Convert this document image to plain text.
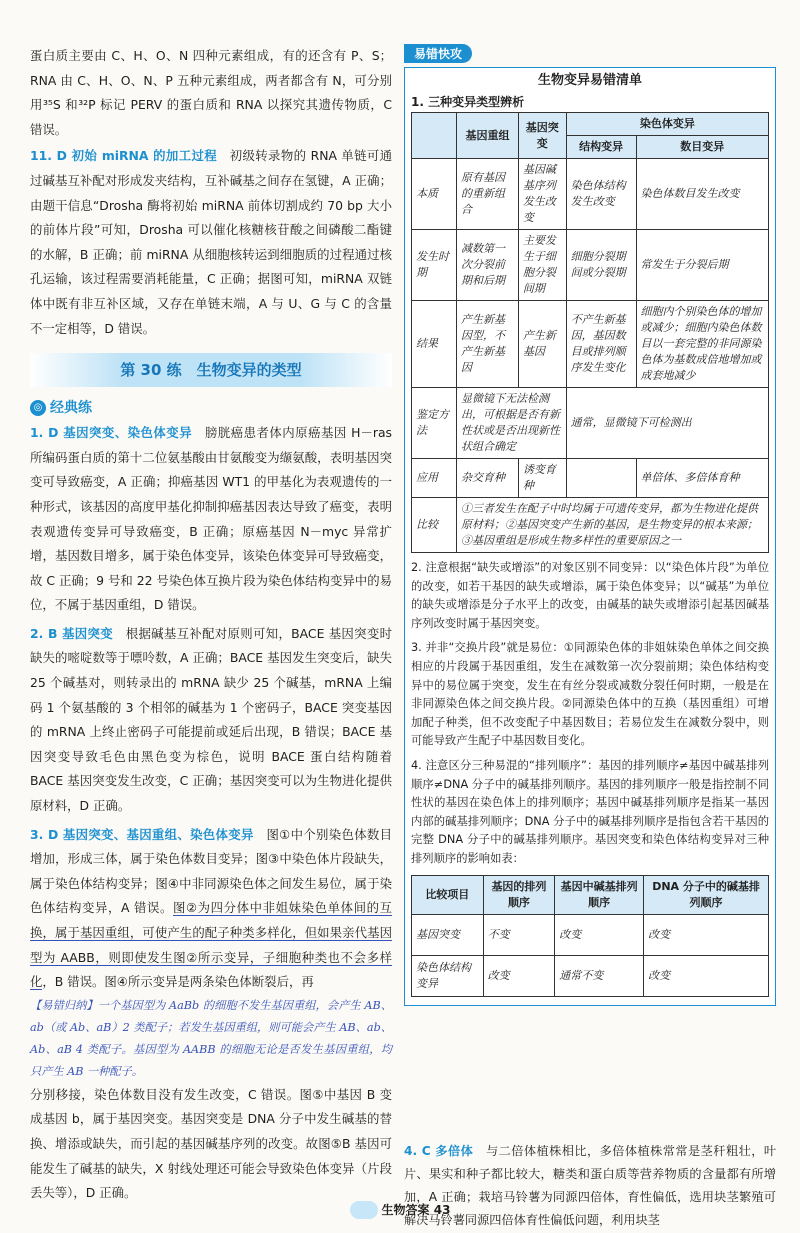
蛋白质主要由 C、H、O、N 四种元素组成，有的还含有 P、S；RNA 由 C、H、O、N、P 五种元素组成，两者都含有 N，可分别用³⁵S 和³²P 标记 PERV 的蛋白质和 RNA 以探究其遗传物质，C 错误。

11. D 初始 miRNA 的加工过程　 初级转录物的 RNA 单链可通过碱基互补配对形成发夹结构，互补碱基之间存在氢键，A 正确；由题干信息“Drosha 酶将初始 miRNA 前体切割成约 70 bp 大小的前体片段”可知，Drosha 可以催化核糖核苷酸之间磷酸二酯键的水解，B 正确；前 miRNA 从细胞核转运到细胞质的过程通过核孔运输，该过程需要消耗能量，C 正确；据图可知，miRNA 双链体中既有非互补区域，又存在单链末端，A 与 U、G 与 C 的含量不一定相等，D 错误。

第 30 练　生物变异的类型
◎ 经典练

1. D 基因突变、染色体变异　 膀胱癌患者体内原癌基因 H－ras 所编码蛋白质的第十二位氨基酸由甘氨酸变为缬氨酸，表明基因突变可导致癌变，A 正确；抑癌基因 WT1 的甲基化为表观遗传的一种形式，该基因的高度甲基化抑制抑癌基因表达导致了癌变，表明表观遗传变异可导致癌变，B 正确；原癌基因 N－myc 异常扩增，基因数目增多，属于染色体变异，该染色体变异可导致癌变，故 C 正确；9 号和 22 号染色体互换片段为染色体结构变异中的易位，不属于基因重组，D 错误。

2. B 基因突变　 根据碱基互补配对原则可知，BACE 基因突变时缺失的嘧啶数等于嘌呤数，A 正确；BACE 基因发生突变后，缺失 25 个碱基对，则转录出的 mRNA 缺少 25 个碱基，mRNA 上编码 1 个氨基酸的 3 个相邻的碱基为 1 个密码子，BACE 突变基因的 mRNA 上终止密码子可能提前或延后出现，B 错误；BACE 基因突变导致毛色由黑色变为棕色，说明 BACE 蛋白结构随着 BACE 基因突变发生改变，C 正确；基因突变可以为生物进化提供原材料，D 正确。

3. D 基因突变、基因重组、染色体变异　 图①中个别染色体数目增加，形成三体，属于染色体数目变异；图③中染色体片段缺失，属于染色体结构变异；图④中非同源染色体之间发生易位，属于染色体结构变异，A 错误。图②为四分体中非姐妹染色单体间的互换，属于基因重组，可使产生的配子种类多样化，但如果亲代基因型为 AABB，则即使发生图②所示变异，子细胞种类也不会多样化，B 错误。图④所示变异是两条染色体断裂后，再

【易错归纳】一个基因型为 AaBb 的细胞不发生基因重组，会产生 AB、ab（或 Ab、aB）2 类配子；若发生基因重组，则可能会产生 AB、ab、Ab、aB 4 类配子。基因型为 AABB 的细胞无论是否发生基因重组，均只产生 AB 一种配子。

分别移接，染色体数目没有发生改变，C 错误。图⑤中基因 B 变成基因 b，属于基因突变。基因突变是 DNA 分子中发生碱基的替换、增添或缺失，而引起的基因碱基序列的改变。故图⑤B 基因可能发生了碱基的缺失，X 射线处理还可能会导致染色体变异（片段丢失等），D 正确。

易错快攻
生物变异易错清单
1. 三种变异类型辨析
	基因重组	基因突变	染色体变异	
			结构变异	数目变异
本质	原有基因的重新组合	基因碱基序列发生改变	染色体结构发生改变	染色体数目发生改变
发生时期	减数第一次分裂前期和后期	主要发生于细胞分裂间期	细胞分裂期间或分裂期	常发生于分裂后期
结果	产生新基因型，不产生新基因	产生新基因	不产生新基因，基因数目或排列顺序发生变化	细胞内个别染色体的增加或减少；细胞内染色体数目以一套完整的非同源染色体为基数成倍地增加或成套地减少
鉴定方法	显微镜下无法检测出，可根据是否有新性状或是否出现新性状组合确定		通常，显微镜下可检测出	
应用	杂交育种	诱变育种		单倍体、多倍体育种
比较	①三者发生在配子中时均属于可遗传变异，都为生物进化提供原材料；②基因突变产生新的基因，是生物变异的根本来源；③基因重组是形成生物多样性的重要原因之一			

2. 注意根据“缺失或增添”的对象区别不同变异：以“染色体片段”为单位的改变，如若干基因的缺失或增添，属于染色体变异；以“碱基”为单位的缺失或增添是分子水平上的改变，由碱基的缺失或增添引起基因碱基序列改变时属于基因突变。

3. 并非“交换片段”就是易位：①同源染色体的非姐妹染色单体之间交换相应的片段属于基因重组，发生在减数第一次分裂前期；染色体结构变异中的易位属于突变，发生在有丝分裂或减数分裂任何时期，一般是在非同源染色体之间交换片段。②同源染色体中的互换（基因重组）可增加配子种类，但不改变配子中基因数目；若易位发生在减数分裂中，则可能导致产生配子中基因数目变化。

4. 注意区分三种易混的“排列顺序”：基因的排列顺序≠基因中碱基排列顺序≠DNA 分子中的碱基排列顺序。基因的排列顺序一般是指控制不同性状的基因在染色体上的排列顺序；基因中碱基排列顺序是指某一基因内部的碱基排列顺序；DNA 分子中的碱基排列顺序是指包含若干基因的完整 DNA 分子中的碱基排列顺序。基因突变和染色体结构变异对三种排列顺序的影响如表：

比较项目	基因的排列顺序	基因中碱基排列顺序	DNA 分子中的碱基排列顺序
基因突变	不变	改变	改变
染色体结构变异	改变	通常不变	改变

4. C 多倍体　 与二倍体植株相比，多倍体植株常常是茎秆粗壮，叶片、果实和种子都比较大，糖类和蛋白质等营养物质的含量都有所增加，A 正确；栽培马铃薯为同源四倍体，育性偏低，选用块茎繁殖可解决马铃薯同源四倍体育性偏低问题，利用块茎

生物答案 43
